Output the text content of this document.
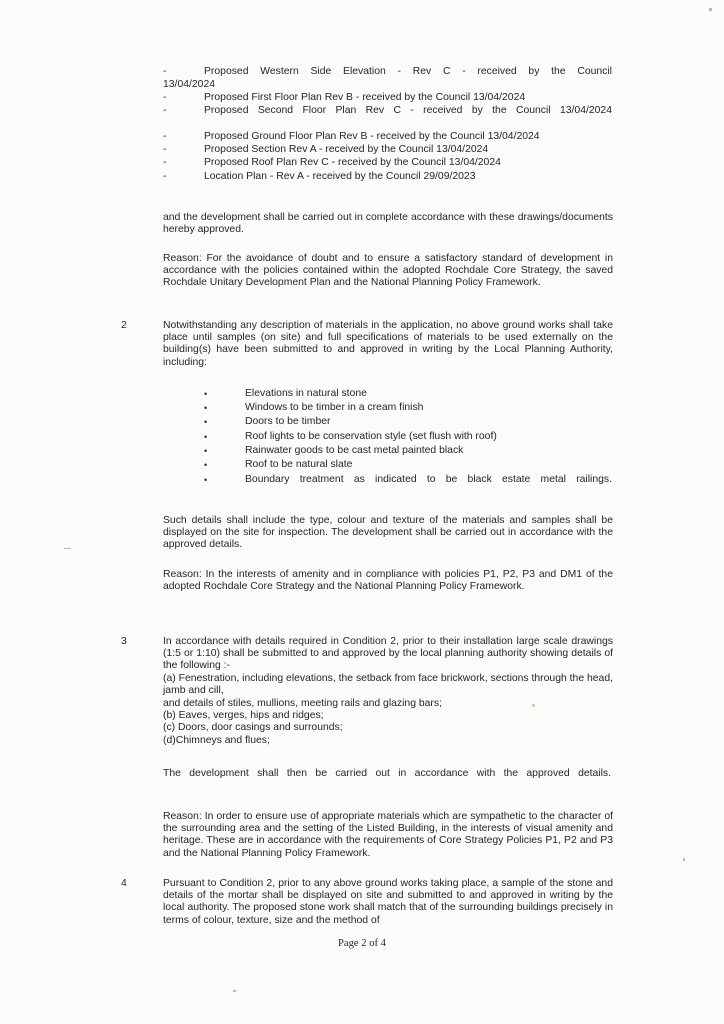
-	Proposed Western Side Elevation - Rev C - received by the Council
13/04/2024
-	Proposed First Floor Plan Rev B - received by the Council 13/04/2024
-	Proposed Second Floor Plan Rev C - received by the Council 13/04/2024
-	Proposed Ground Floor Plan Rev B - received by the Council 13/04/2024
-	Proposed Section Rev A - received by the Council 13/04/2024
-	Proposed Roof Plan Rev C - received by the Council 13/04/2024
-	Location Plan - Rev A - received by the Council 29/09/2023
and the development shall be carried out in complete accordance with these drawings/documents hereby approved.
Reason: For the avoidance of doubt and to ensure a satisfactory standard of development in accordance with the policies contained within the adopted Rochdale Core Strategy, the saved Rochdale Unitary Development Plan and the National Planning Policy Framework.
2	Notwithstanding any description of materials in the application, no above ground works shall take place until samples (on site) and full specifications of materials to be used externally on the building(s) have been submitted to and approved in writing by the Local Planning Authority, including:
•	Elevations in natural stone
•	Windows to be timber in a cream finish
•	Doors to be timber
•	Roof lights to be conservation style (set flush with roof)
•	Rainwater goods to be cast metal painted black
•	Roof to be natural slate
•	Boundary treatment as indicated to be black estate metal railings.
Such details shall include the type, colour and texture of the materials and samples shall be displayed on the site for inspection. The development shall be carried out in accordance with the approved details.
Reason: In the interests of amenity and in compliance with policies P1, P2, P3 and DM1 of the adopted Rochdale Core Strategy and the National Planning Policy Framework.
3	In accordance with details required in Condition 2, prior to their installation large scale drawings (1:5 or 1:10) shall be submitted to and approved by the local planning authority showing details of the following :-
(a) Fenestration, including elevations, the setback from face brickwork, sections through the head, jamb and cill,
and details of stiles, mullions, meeting rails and glazing bars;
(b) Eaves, verges, hips and ridges;
(c) Doors, door casings and surrounds;
(d)Chimneys and flues;
The development shall then be carried out in accordance with the approved details.
Reason: In order to ensure use of appropriate materials which are sympathetic to the character of the surrounding area and the setting of the Listed Building, in the interests of visual amenity and heritage. These are in accordance with the requirements of Core Strategy Policies P1, P2 and P3 and the National Planning Policy Framework.
4	Pursuant to Condition 2, prior to any above ground works taking place, a sample of the stone and details of the mortar shall be displayed on site and submitted to and approved in writing by the local authority. The proposed stone work shall match that of the surrounding buildings precisely in terms of colour, texture, size and the method of
Page 2 of 4
